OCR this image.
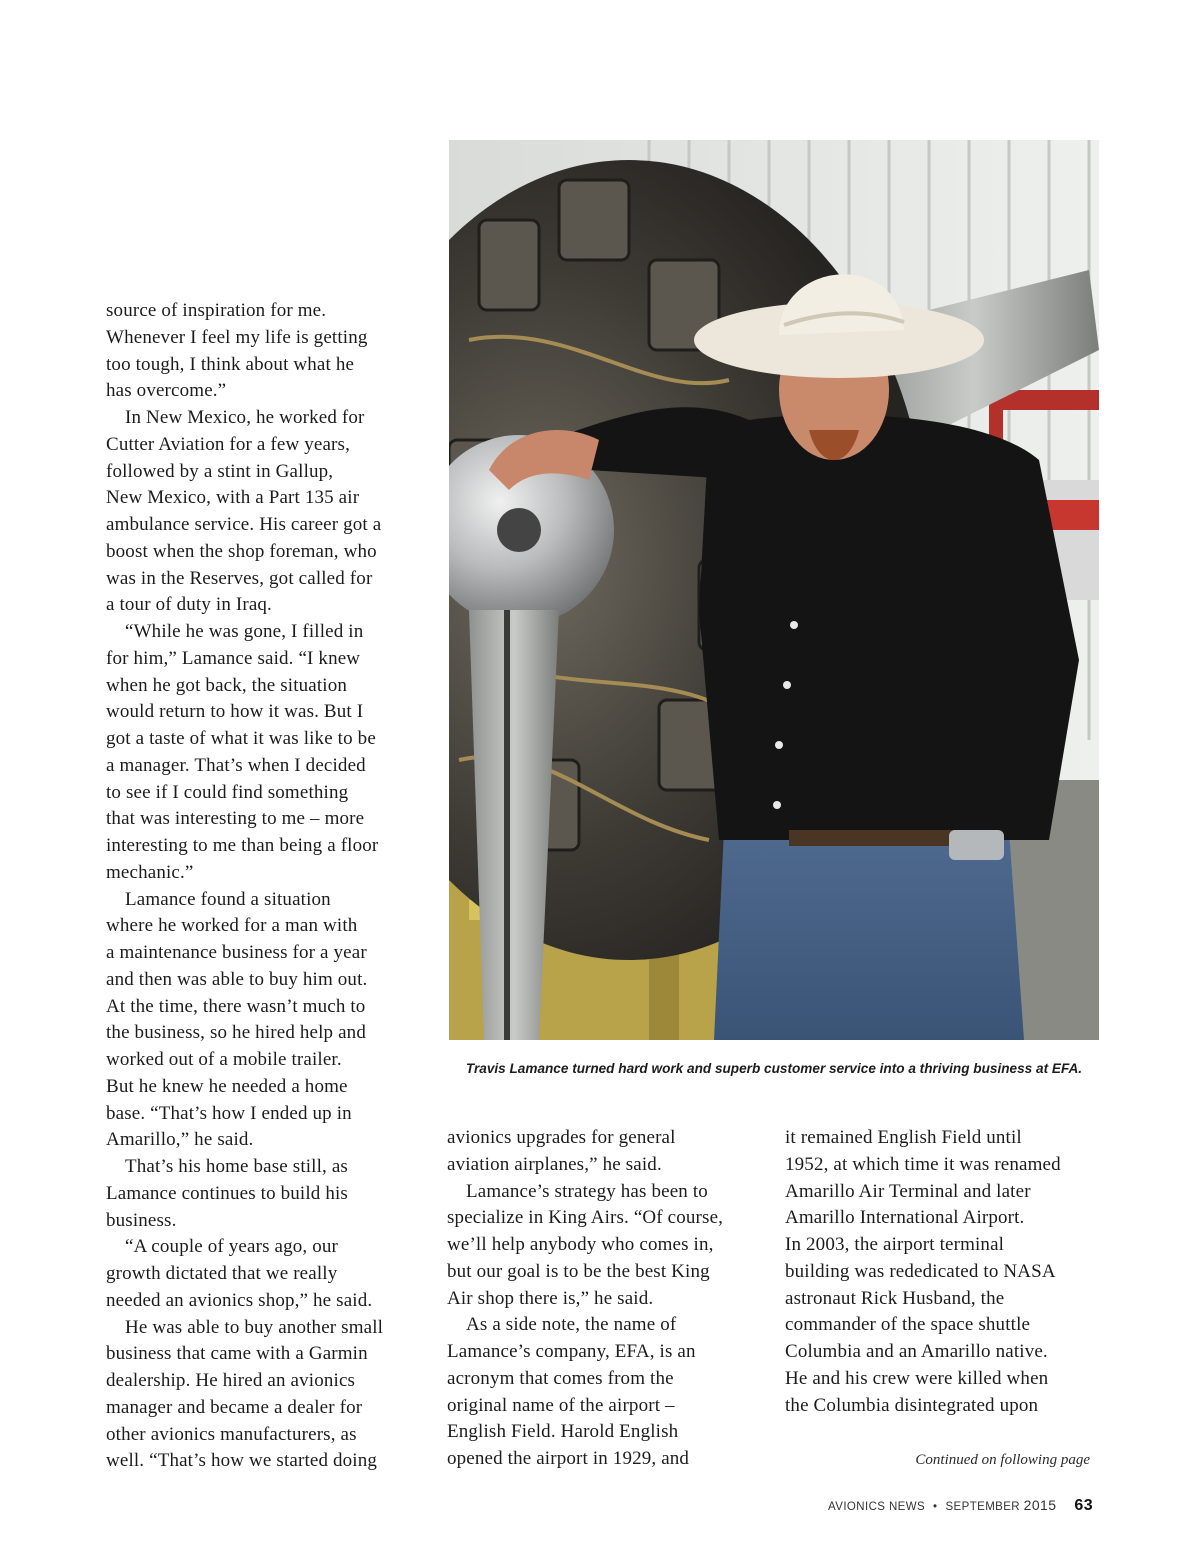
source of inspiration for me.
Whenever I feel my life is getting
too tough, I think about what he
has overcome.”

In New Mexico, he worked for
Cutter Aviation for a few years,
followed by a stint in Gallup,
New Mexico, with a Part 135 air
ambulance service. His career got a
boost when the shop foreman, who
was in the Reserves, got called for
a tour of duty in Iraq.

“While he was gone, I filled in
for him,” Lamance said. “I knew
when he got back, the situation
would return to how it was. But I
got a taste of what it was like to be
a manager. That’s when I decided
to see if I could find something
that was interesting to me – more
interesting to me than being a floor
mechanic.”

Lamance found a situation
where he worked for a man with
a maintenance business for a year
and then was able to buy him out.
At the time, there wasn’t much to
the business, so he hired help and
worked out of a mobile trailer.
But he knew he needed a home
base. “That’s how I ended up in
Amarillo,” he said.

That’s his home base still, as
Lamance continues to build his
business.

“A couple of years ago, our
growth dictated that we really
needed an avionics shop,” he said.

He was able to buy another small
business that came with a Garmin
dealership. He hired an avionics
manager and became a dealer for
other avionics manufacturers, as
well. “That’s how we started doing

Travis Lamance turned hard work and superb customer service into a thriving business at EFA.

avionics upgrades for general
aviation airplanes,” he said.

Lamance’s strategy has been to
specialize in King Airs. “Of course,
we’ll help anybody who comes in,
but our goal is to be the best King
Air shop there is,” he said.

As a side note, the name of
Lamance’s company, EFA, is an
acronym that comes from the
original name of the airport –
English Field. Harold English
opened the airport in 1929, and

it remained English Field until
1952, at which time it was renamed
Amarillo Air Terminal and later
Amarillo International Airport.
In 2003, the airport terminal
building was rededicated to NASA
astronaut Rick Husband, the
commander of the space shuttle
Columbia and an Amarillo native.
He and his crew were killed when
the Columbia disintegrated upon

Continued on following page
AVIONICS NEWS • SEPTEMBER 2015 63
